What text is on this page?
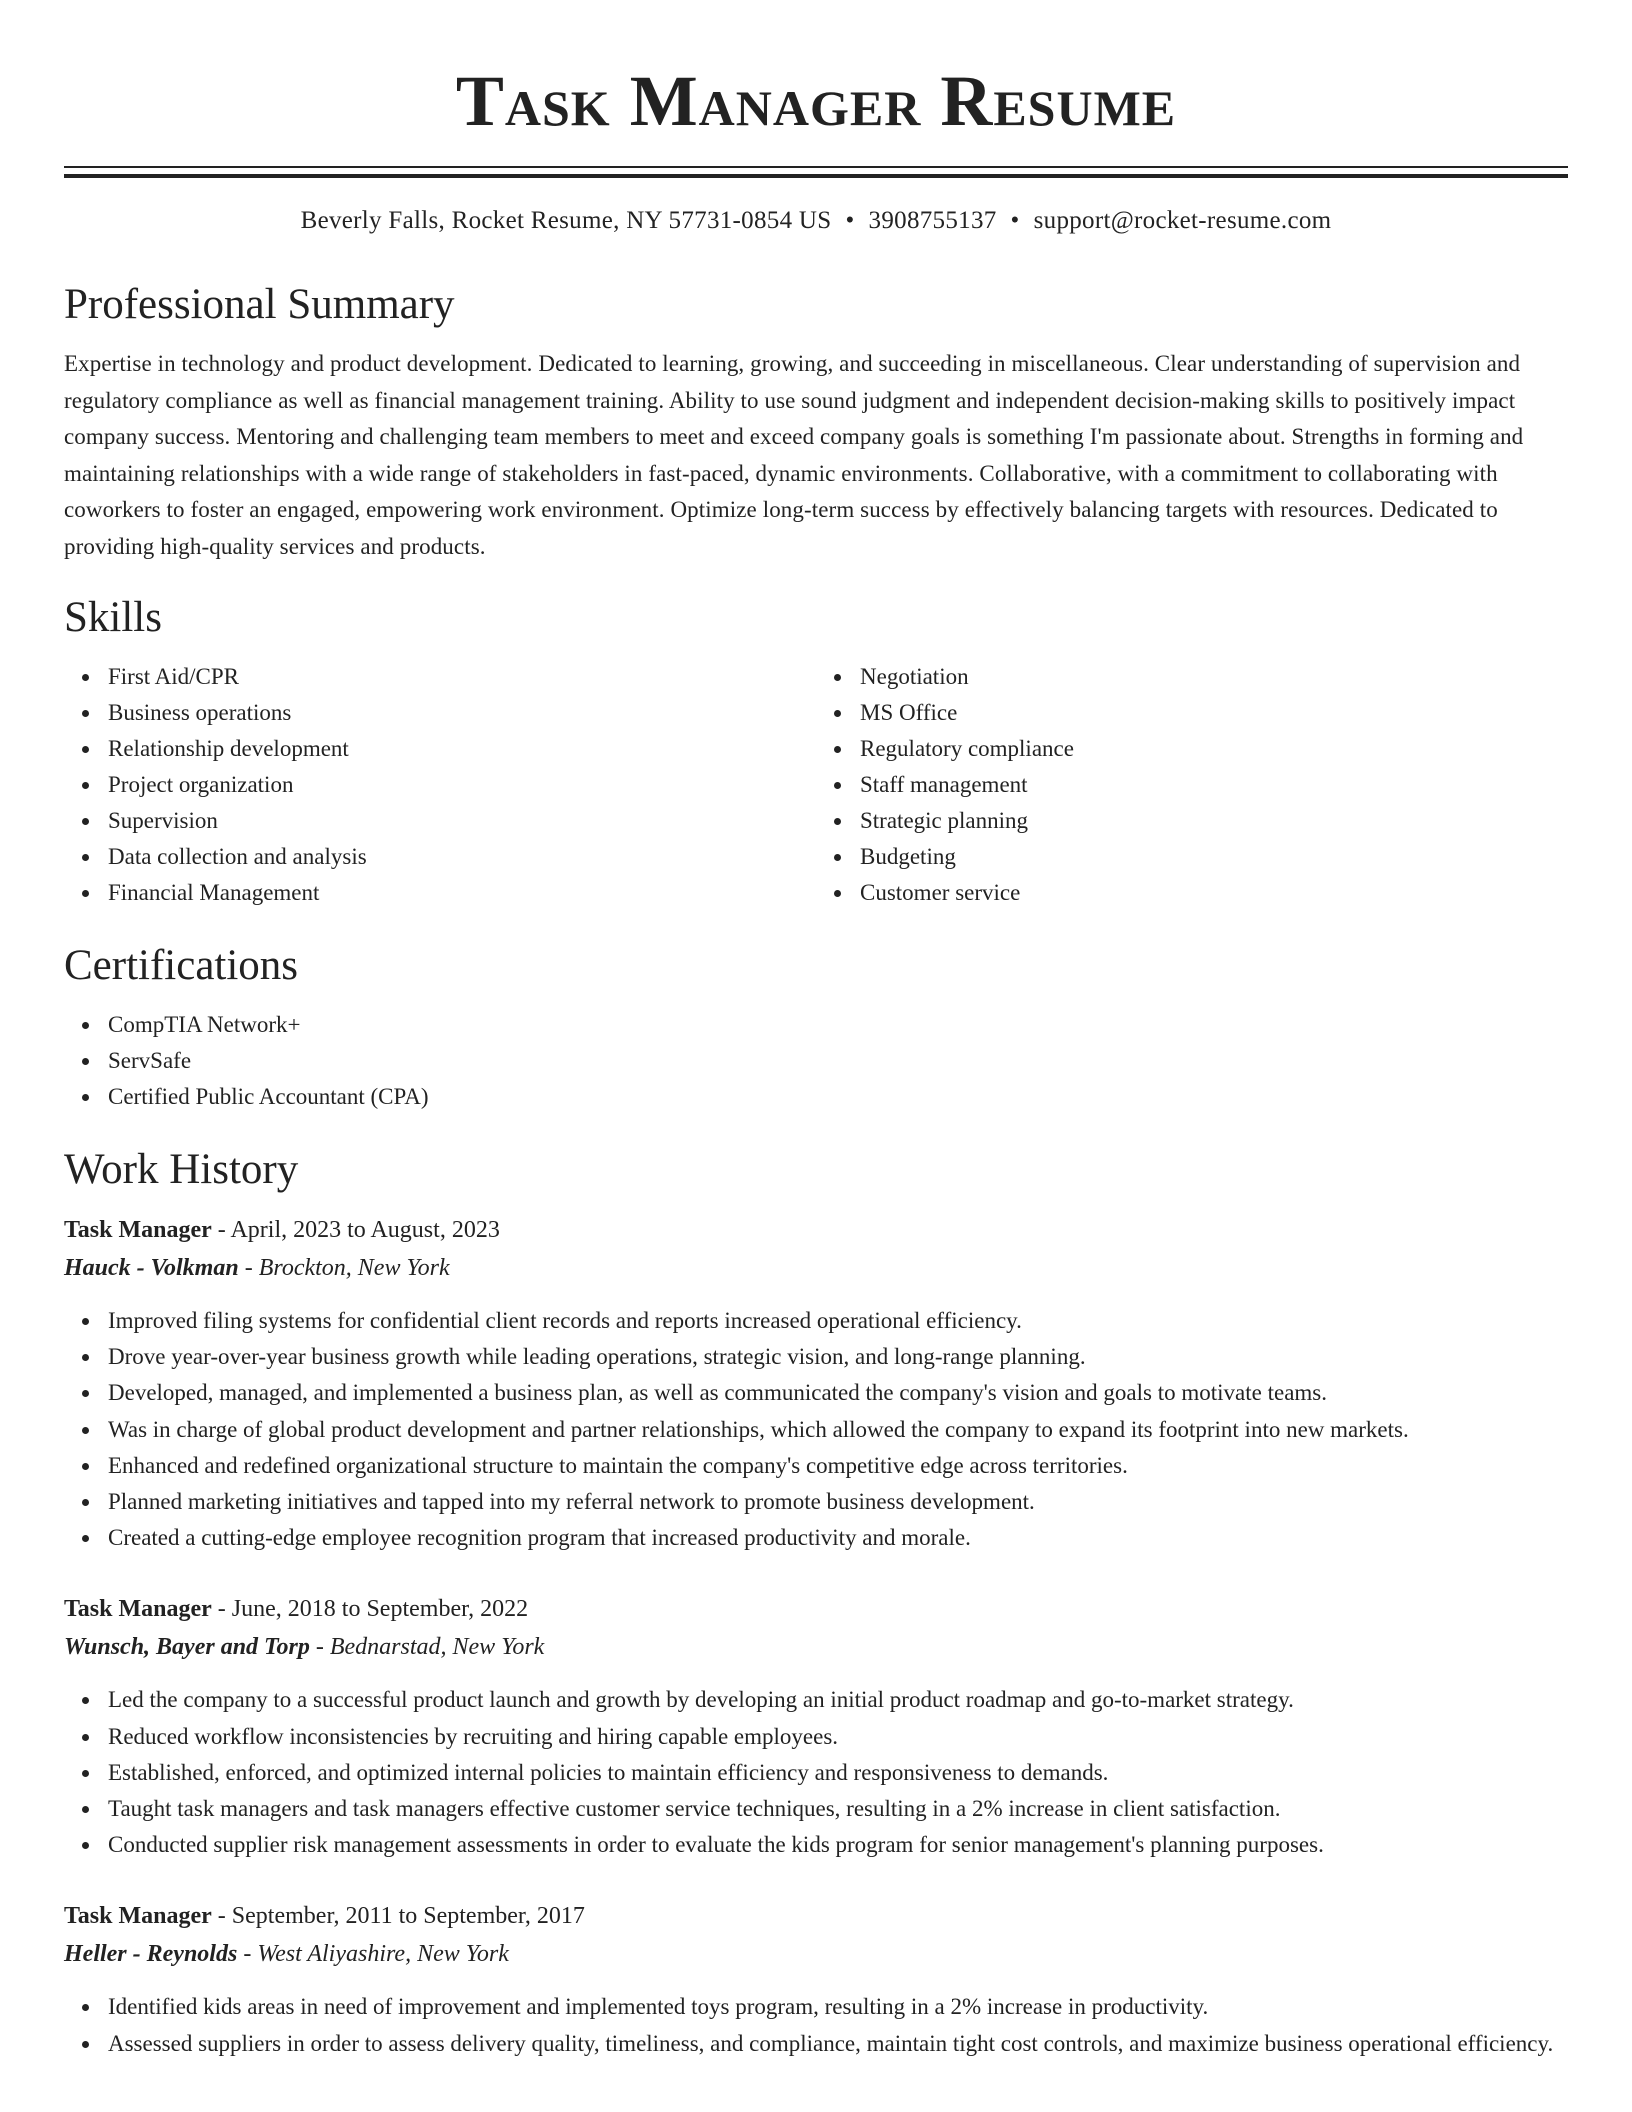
Task Manager Resume
Beverly Falls, Rocket Resume, NY 57731-0854 US • 3908755137 • support@rocket-resume.com
Professional Summary
Expertise in technology and product development. Dedicated to learning, growing, and succeeding in miscellaneous. Clear understanding of supervision and regulatory compliance as well as financial management training. Ability to use sound judgment and independent decision-making skills to positively impact company success. Mentoring and challenging team members to meet and exceed company goals is something I'm passionate about. Strengths in forming and maintaining relationships with a wide range of stakeholders in fast-paced, dynamic environments. Collaborative, with a commitment to collaborating with coworkers to foster an engaged, empowering work environment. Optimize long-term success by effectively balancing targets with resources. Dedicated to providing high-quality services and products.
Skills
First Aid/CPR
Business operations
Relationship development
Project organization
Supervision
Data collection and analysis
Financial Management
Negotiation
MS Office
Regulatory compliance
Staff management
Strategic planning
Budgeting
Customer service
Certifications
CompTIA Network+
ServSafe
Certified Public Accountant (CPA)
Work History
Task Manager - April, 2023 to August, 2023
Hauck - Volkman - Brockton, New York
Improved filing systems for confidential client records and reports increased operational efficiency.
Drove year-over-year business growth while leading operations, strategic vision, and long-range planning.
Developed, managed, and implemented a business plan, as well as communicated the company's vision and goals to motivate teams.
Was in charge of global product development and partner relationships, which allowed the company to expand its footprint into new markets.
Enhanced and redefined organizational structure to maintain the company's competitive edge across territories.
Planned marketing initiatives and tapped into my referral network to promote business development.
Created a cutting-edge employee recognition program that increased productivity and morale.
Task Manager - June, 2018 to September, 2022
Wunsch, Bayer and Torp - Bednarstad, New York
Led the company to a successful product launch and growth by developing an initial product roadmap and go-to-market strategy.
Reduced workflow inconsistencies by recruiting and hiring capable employees.
Established, enforced, and optimized internal policies to maintain efficiency and responsiveness to demands.
Taught task managers and task managers effective customer service techniques, resulting in a 2% increase in client satisfaction.
Conducted supplier risk management assessments in order to evaluate the kids program for senior management's planning purposes.
Task Manager - September, 2011 to September, 2017
Heller - Reynolds - West Aliyashire, New York
Identified kids areas in need of improvement and implemented toys program, resulting in a 2% increase in productivity.
Assessed suppliers in order to assess delivery quality, timeliness, and compliance, maintain tight cost controls, and maximize business operational efficiency.
